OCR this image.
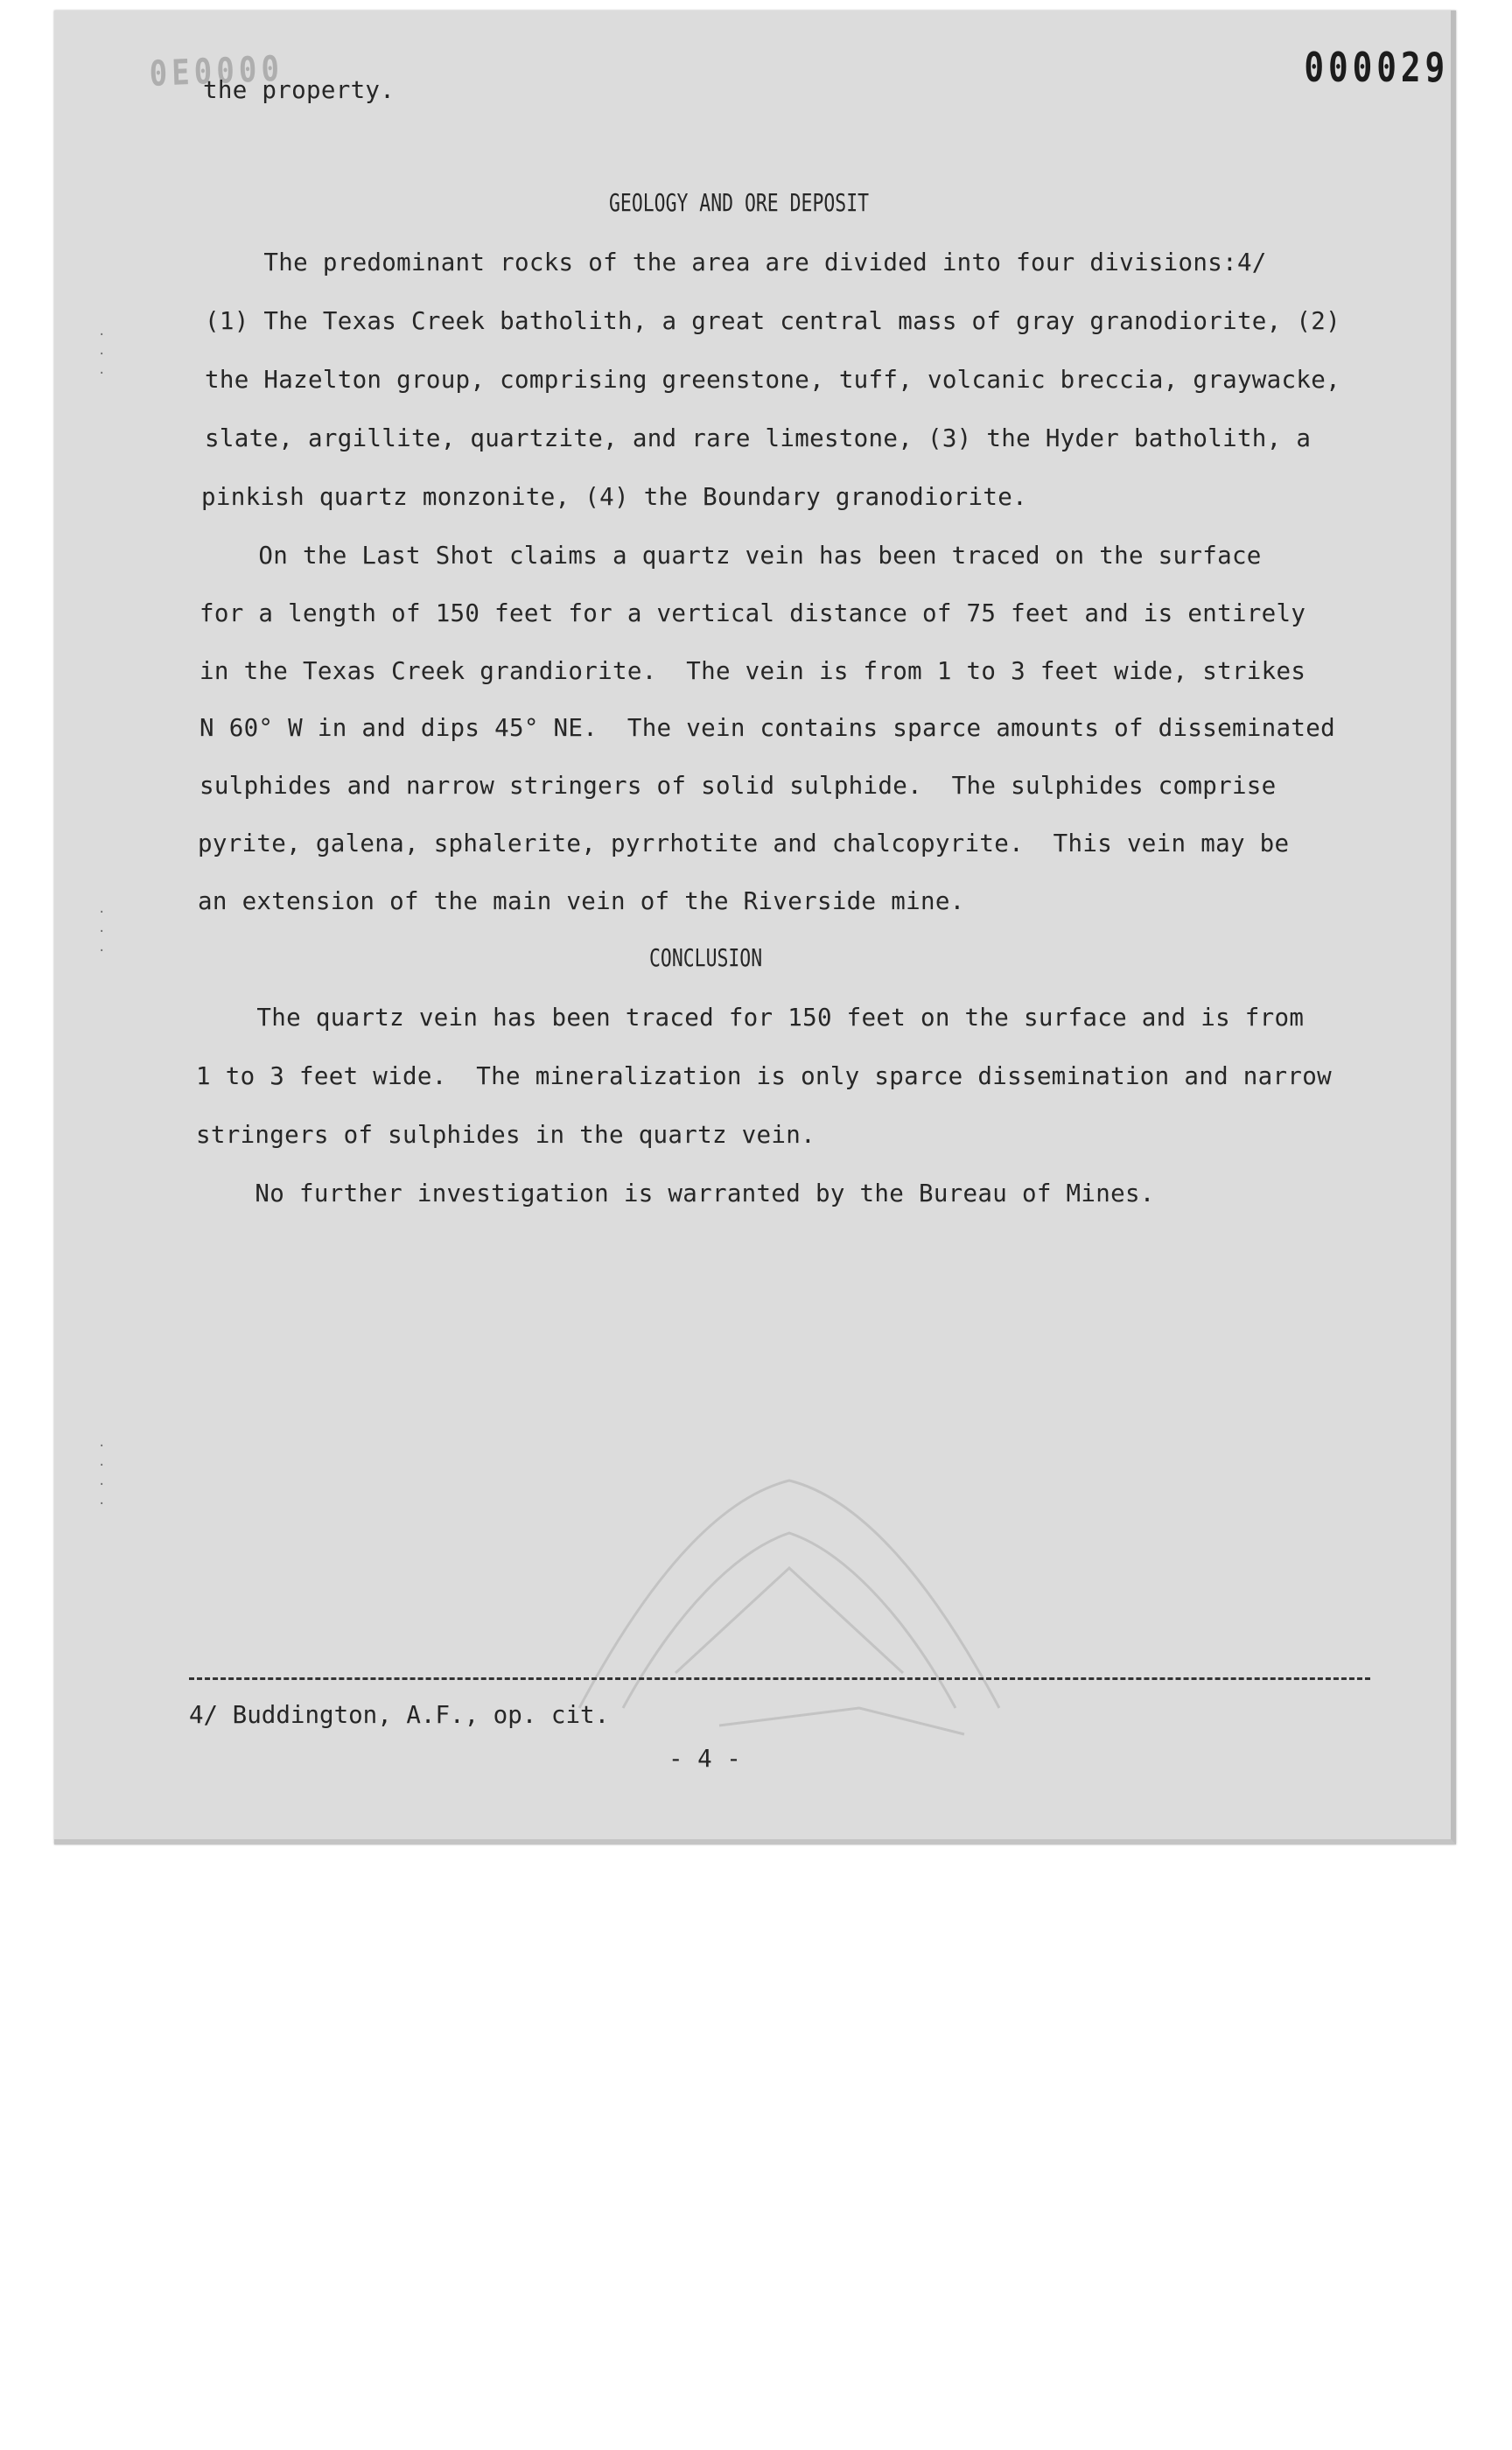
0E0000	000029
·
·
·
·
·
·
·
·
·
·
the property.
GEOLOGY AND ORE DEPOSIT
The predominant rocks of the area are divided into four divisions:4/
(1) The Texas Creek batholith, a great central mass of gray granodiorite, (2)
the Hazelton group, comprising greenstone, tuff, volcanic breccia, graywacke,
slate, argillite, quartzite, and rare limestone, (3) the Hyder batholith, a
pinkish quartz monzonite, (4) the Boundary granodiorite.
On the Last Shot claims a quartz vein has been traced on the surface
for a length of 150 feet for a vertical distance of 75 feet and is entirely
in the Texas Creek grandiorite.  The vein is from 1 to 3 feet wide, strikes
N 60° W in and dips 45° NE.  The vein contains sparce amounts of disseminated
sulphides and narrow stringers of solid sulphide.  The sulphides comprise
pyrite, galena, sphalerite, pyrrhotite and chalcopyrite.  This vein may be
an extension of the main vein of the Riverside mine.
CONCLUSION
The quartz vein has been traced for 150 feet on the surface and is from
1 to 3 feet wide.  The mineralization is only sparce dissemination and narrow
stringers of sulphides in the quartz vein.
No further investigation is warranted by the Bureau of Mines.
4/ Buddington, A.F., op. cit.
- 4 -
